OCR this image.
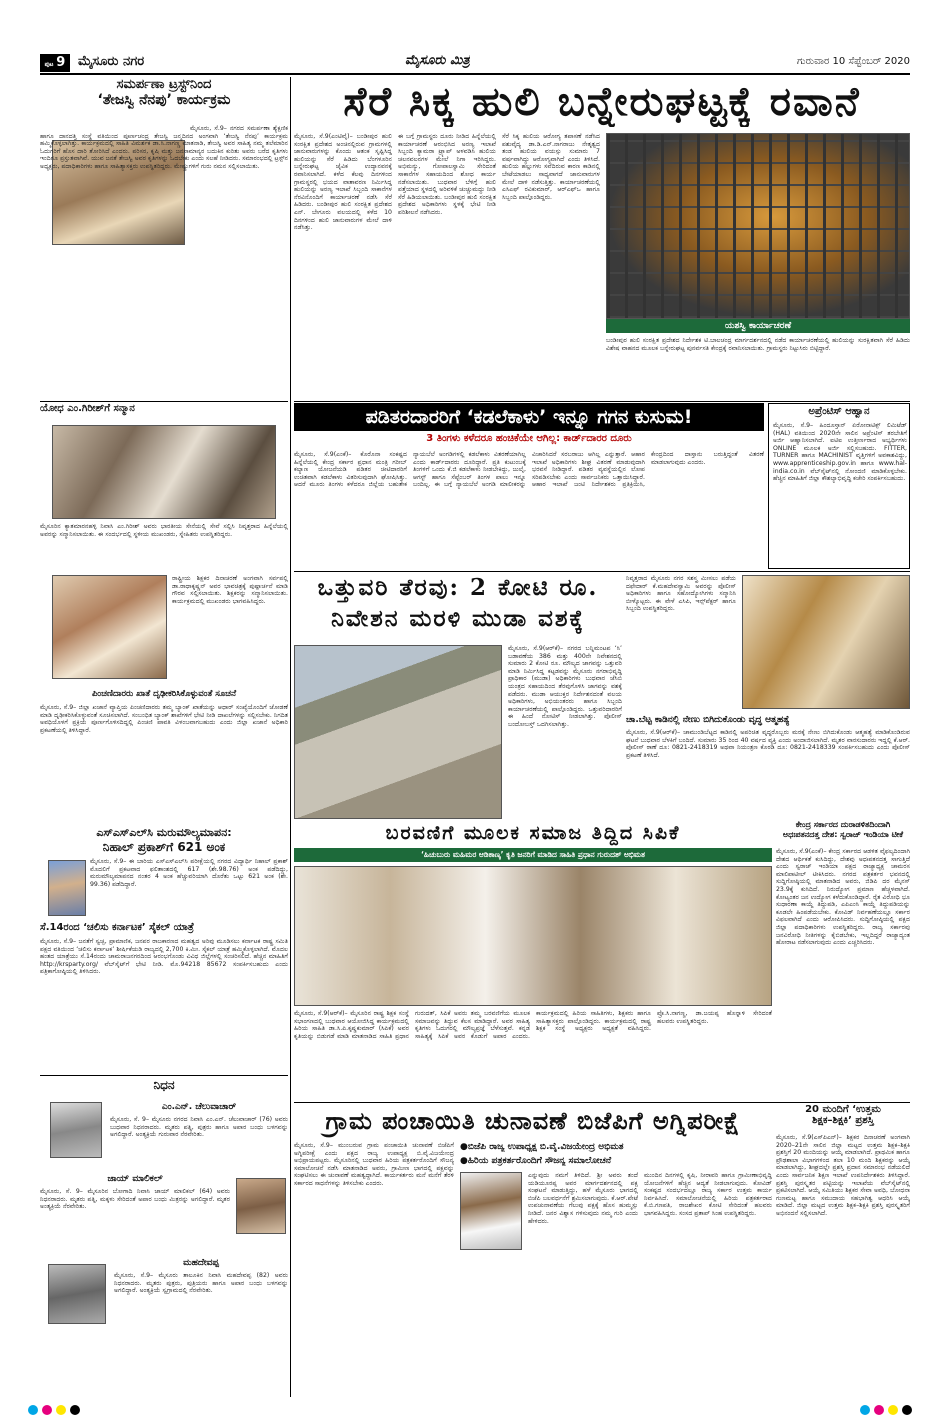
ಪುಟ 9 ಮೈಸೂರು ನಗರ	ಮೈಸೂರು ಮಿತ್ರ	ಗುರುವಾರ 10 ಸೆಪ್ಟೆಂಬರ್ 2020
ಸಮರ್ಪಣಾ ಟ್ರಸ್ಟ್‌ನಿಂದ
‘ತೇಜಸ್ವಿ ನೆನಪು’ ಕಾರ್ಯಕ್ರಮ
ಮೈಸೂರು, ಸೆ.9– ನಗರದ ಸಮರ್ಪಣಾ ಶ್ಯೆಕ್ಷಣಿಕ ಹಾಗೂ ದಾನದತ್ತಿ ಸಂಸ್ಥೆ ವತಿಯಿಂದ ಪೂರ್ಣಚಂದ್ರ ತೇಜಸ್ವಿ ಜನ್ಮದಿನದ ಅಂಗವಾಗಿ ‘ತೇಜಸ್ವಿ ನೆನಪು’ ಕಾರ್ಯಕ್ರಮ ಹಮ್ಮಿಕೊಳ್ಳಲಾಗಿತ್ತು. ಕಾರ್ಯಕ್ರಮದಲ್ಲಿ ಸಾಹಿತಿ ವಿಮರ್ಶಕ ಡಾ.ಸಿ.ನಾಗಣ್ಣ ಮಾತನಾಡಿ, ತೇಜಸ್ವಿ ಅವರ ಸಾಹಿತ್ಯ ನಮ್ಮ ತಲೆಮಾರಿನ ಓದುಗರಿಗೆ ಹೊಸ ದಾರಿ ತೋರಿಸಿದೆ ಎಂದರು. ಪರಿಸರ, ಕೃಷಿ ಮತ್ತು ಜನಸಾಮಾನ್ಯರ ಬದುಕಿನ ಕುರಿತು ಅವರು ಬರೆದ ಕೃತಿಗಳು ಇಂದಿಗೂ ಪ್ರಸ್ತುತವಾಗಿವೆ. ಯುವ ಜನತೆ ತೇಜಸ್ವಿ ಅವರ ಕೃತಿಗಳನ್ನು ಓದಬೇಕು ಎಂದು ಸಲಹೆ ನೀಡಿದರು. ಸಮಾರಂಭದಲ್ಲಿ ಟ್ರಸ್ಟ್‌ನ ಅಧ್ಯಕ್ಷರು, ಪದಾಧಿಕಾರಿಗಳು ಹಾಗೂ ಸಾಹಿತ್ಯಾಸಕ್ತರು ಉಪಸ್ಥಿತರಿದ್ದರು. ಮೇಷ್ಟ್ರುಗಳಿಗೆ ಗುರು ನಮನ ಸಲ್ಲಿಸಲಾಯಿತು.
ಯೋಧ ಎಂ.ಗಿರೀಶ್‌ಗೆ ಸನ್ಮಾನ
ಮೈಸೂರಿನ ಕ್ಯಾತಮಾರನಹಳ್ಳಿ ನಿವಾಸಿ ಎಂ.ಗಿರೀಶ್ ಅವರು ಭಾರತೀಯ ಸೇನೆಯಲ್ಲಿ ಸೇವೆ ಸಲ್ಲಿಸಿ ನಿವೃತ್ತರಾದ ಹಿನ್ನೆಲೆಯಲ್ಲಿ ಅವರನ್ನು ಸನ್ಮಾನಿಸಲಾಯಿತು. ಈ ಸಂದರ್ಭದಲ್ಲಿ ಸ್ಥಳೀಯ ಮುಖಂಡರು, ಸ್ನೇಹಿತರು ಉಪಸ್ಥಿತರಿದ್ದರು.
ರಾಷ್ಟ್ರೀಯ ಶಿಕ್ಷಕರ ದಿನಾಚರಣೆ ಅಂಗವಾಗಿ ಸರ್ವಪಲ್ಲಿ ಡಾ.ರಾಧಾಕೃಷ್ಣನ್ ಅವರ ಭಾವಚಿತ್ರಕ್ಕೆ ಪುಷ್ಪಾರ್ಚನೆ ಮಾಡಿ ಗೌರವ ಸಲ್ಲಿಸಲಾಯಿತು. ಶಿಕ್ಷಕರನ್ನು ಸನ್ಮಾನಿಸಲಾಯಿತು. ಕಾರ್ಯಕ್ರಮದಲ್ಲಿ ಮುಖಂಡರು ಭಾಗವಹಿಸಿದ್ದರು.
ಪಿಂಚಣಿದಾರರು ಖಾತೆ ದೃಢೀಕರಿಸಿಕೊಳ್ಳುವಂತೆ ಸೂಚನೆ
ಮೈಸೂರು, ಸೆ.9– ಜಿಲ್ಲಾ ಖಜಾನೆ ವ್ಯಾಪ್ತಿಯ ಪಿಂಚಣಿದಾರರು ತಮ್ಮ ಬ್ಯಾಂಕ್ ಖಾತೆಯನ್ನು ಆಧಾರ್ ಸಂಖ್ಯೆಯೊಂದಿಗೆ ಜೋಡಣೆ ಮಾಡಿ ದೃಢೀಕರಿಸಿಕೊಳ್ಳುವಂತೆ ಸೂಚಿಸಲಾಗಿದೆ. ಸಂಬಂಧಿತ ಬ್ಯಾಂಕ್ ಶಾಖೆಗಳಿಗೆ ಭೇಟಿ ನೀಡಿ ದಾಖಲೆಗಳನ್ನು ಸಲ್ಲಿಸಬೇಕು. ನಿಗದಿತ ಅವಧಿಯೊಳಗೆ ಪ್ರಕ್ರಿಯೆ ಪೂರ್ಣಗೊಳಿಸದಿದ್ದಲ್ಲಿ ಪಿಂಚಣಿ ಪಾವತಿ ವಿಳಂಬವಾಗಬಹುದು ಎಂದು ಜಿಲ್ಲಾ ಖಜಾನೆ ಅಧಿಕಾರಿ ಪ್ರಕಟಣೆಯಲ್ಲಿ ತಿಳಿಸಿದ್ದಾರೆ.
ಎಸ್‌ಎಸ್‌ಎಲ್‌ಸಿ ಮರುಮೌಲ್ಯಮಾಪನ:
ನಿಹಾಲ್ ಪ್ರಕಾಶ್‌ಗೆ 621 ಅಂಕ
ಮೈಸೂರು, ಸೆ.9– ಈ ಬಾರಿಯ ಎಸ್‌ಎಸ್‌ಎಲ್‌ಸಿ ಪರೀಕ್ಷೆಯಲ್ಲಿ ನಗರದ ವಿದ್ಯಾರ್ಥಿ ನಿಹಾಲ್ ಪ್ರಕಾಶ್ ಮೊದಲಿಗೆ ಪ್ರಕಟವಾದ ಫಲಿತಾಂಶದಲ್ಲಿ 617 (ಶೇ.98.76) ಅಂಕ ಪಡೆದಿದ್ದು, ಮರುಮೌಲ್ಯಮಾಪನದ ನಂತರ 4 ಅಂಕ ಹೆಚ್ಚುವರಿಯಾಗಿ ದೊರೆತು ಒಟ್ಟು 621 ಅಂಕ (ಶೇ. 99.36) ಪಡೆದಿದ್ದಾರೆ.
ಸೆ.14ರಂದ ‘ಚಲಿಸು ಕರ್ನಾಟಕ’ ಸೈಕಲ್ ಯಾತ್ರೆ
ಮೈಸೂರು, ಸೆ.9– ಜನತೆಗೆ ಸ್ವಚ್ಛ, ಪ್ರಾಮಾಣಿಕ, ಜನಪರ ರಾಜಕಾರಣದ ಮಹತ್ವದ ಅರಿವು ಮೂಡಿಸಲು ಕರ್ನಾಟಕ ರಾಷ್ಟ್ರ ಸಮಿತಿ ಪಕ್ಷದ ವತಿಯಿಂದ ‘ಚಲಿಸು ಕರ್ನಾಟಕ’ ಶೀರ್ಷಿಕೆಯಡಿ ರಾಜ್ಯದಲ್ಲಿ 2,700 ಕಿ.ಮೀ. ಸೈಕಲ್ ಯಾತ್ರೆ ಹಮ್ಮಿಕೊಳ್ಳಲಾಗಿದೆ. ಮೊದಲ ಹಂತದ ಯಾತ್ರೆಯು ಸೆ.14ರಂದು ಚಾಮರಾಜನಗರದಿಂದ ಆರಂಭಗೊಂಡು ವಿವಿಧ ಜಿಲ್ಲೆಗಳಲ್ಲಿ ಸಂಚರಿಸಲಿದೆ. ಹೆಚ್ಚಿನ ಮಾಹಿತಿಗೆ http://krsparty.org/ ವೆಬ್‌ಸೈಟ್‌ಗೆ ಭೇಟಿ ನೀಡಿ. ಮೊ.94218 85672 ಸಂಪರ್ಕಿಸಬಹುದು ಎಂದು ಪತ್ರಿಕಾಗೋಷ್ಠಿಯಲ್ಲಿ ತಿಳಿಸಿದರು.
ನಿಧನ
ಎಂ.ಎನ್. ಚೆಲುವಾಚಾರ್
ಮೈಸೂರು, ಸೆ. 9– ಮೈಸೂರು ನಗರದ ನಿವಾಸಿ ಎಂ.ಎನ್. ಚೆಲುವಾಚಾರ್ (76) ಅವರು ಬುಧವಾರ ನಿಧನರಾದರು. ಮೃತರು ಪತ್ನಿ, ಪುತ್ರರು ಹಾಗೂ ಅಪಾರ ಬಂಧು ಬಳಗವನ್ನು ಅಗಲಿದ್ದಾರೆ. ಅಂತ್ಯಕ್ರಿಯೆ ಗುರುವಾರ ನೆರವೇರಿತು.
ಜಾಯ್ ಮಾಲಿಕಲ್
ಮೈಸೂರು, ಸೆ. 9– ಮೈಸೂರಿನ ಬೋಗಾದಿ ನಿವಾಸಿ ಜಾಯ್ ಮಾಲಿಕಲ್ (64) ಅವರು ನಿಧನರಾದರು. ಮೃತರು ಪತ್ನಿ, ಮಕ್ಕಳು ಸೇರಿದಂತೆ ಅಪಾರ ಬಂಧು ಮಿತ್ರರನ್ನು ಅಗಲಿದ್ದಾರೆ. ಮೃತರ ಅಂತ್ಯಕ್ರಿಯೆ ನೆರವೇರಿತು.
ಮಹದೇವಪ್ಪ
ಮೈಸೂರು, ಸೆ.9– ಮೈಸೂರು ತಾಲೂಕಿನ ನಿವಾಸಿ ಮಹದೇವಪ್ಪ (82) ಅವರು ನಿಧನರಾದರು. ಮೃತರು ಪುತ್ರರು, ಪುತ್ರಿಯರು ಹಾಗೂ ಅಪಾರ ಬಂಧು ಬಳಗವನ್ನು ಅಗಲಿದ್ದಾರೆ. ಅಂತ್ಯಕ್ರಿಯೆ ಸ್ವಗ್ರಾಮದಲ್ಲಿ ನೆರವೇರಿತು.
ಸೆರೆ ಸಿಕ್ಕ ಹುಲಿ ಬನ್ನೇರುಘಟ್ಟಕ್ಕೆ ರವಾನೆ
ಮೈಸೂರು, ಸೆ.9(ಎಂಟಿವೈ)– ಬಂಡೀಪುರ ಹುಲಿ ಸಂರಕ್ಷಿತ ಪ್ರದೇಶದ ಅಂಚಿನಲ್ಲಿರುವ ಗ್ರಾಮಗಳಲ್ಲಿ ಜಾನುವಾರುಗಳನ್ನು ಕೊಂದು ಆತಂಕ ಸೃಷ್ಟಿಸಿದ್ದ ಹುಲಿಯನ್ನು ಸೆರೆ ಹಿಡಿದು ಬೆಂಗಳೂರಿನ ಬನ್ನೇರುಘಟ್ಟ ಜೈವಿಕ ಉದ್ಯಾನವನಕ್ಕೆ ರವಾನಿಸಲಾಗಿದೆ. ಕಳೆದ ಕೆಲವು ದಿನಗಳಿಂದ ಗ್ರಾಮಸ್ಥರಲ್ಲಿ ಭಯದ ವಾತಾವರಣ ನಿರ್ಮಿಸಿದ್ದ ಹುಲಿಯನ್ನು ಅರಣ್ಯ ಇಲಾಖೆ ಸಿಬ್ಬಂದಿ ಸಾಕಾನೆಗಳ ನೆರವಿನೊಂದಿಗೆ ಕಾರ್ಯಾಚರಣೆ ನಡೆಸಿ ಸೆರೆ ಹಿಡಿದರು. ಬಂಡೀಪುರ ಹುಲಿ ಸಂರಕ್ಷಿತ ಪ್ರದೇಶದ ಎನ್. ಬೇಗೂರು ವಲಯದಲ್ಲಿ ಕಳೆದ 10 ದಿನಗಳಿಂದ ಹುಲಿ ಜಾನುವಾರುಗಳ ಮೇಲೆ ದಾಳಿ ನಡೆಸಿತ್ತು.
ಈ ಬಗ್ಗೆ ಗ್ರಾಮಸ್ಥರು ದೂರು ನೀಡಿದ ಹಿನ್ನೆಲೆಯಲ್ಲಿ ಕಾರ್ಯಾಚರಣೆ ಆರಂಭಿಸಿದ ಅರಣ್ಯ ಇಲಾಖೆ ಸಿಬ್ಬಂದಿ ಕ್ಯಾಮರಾ ಟ್ರ್ಯಾಪ್ ಅಳವಡಿಸಿ ಹುಲಿಯ ಚಲನವಲನಗಳ ಮೇಲೆ ನಿಗಾ ಇರಿಸಿದ್ದರು. ಅಭಿಮನ್ಯು, ಗೋಪಾಲಸ್ವಾಮಿ ಸೇರಿದಂತೆ ಸಾಕಾನೆಗಳ ಸಹಾಯದಿಂದ ಶೋಧ ಕಾರ್ಯ ನಡೆಸಲಾಯಿತು. ಬುಧವಾರ ಬೆಳಿಗ್ಗೆ ಹುಲಿ ಪತ್ತೆಯಾದ ಸ್ಥಳದಲ್ಲಿ ಅರಿವಳಿಕೆ ಚುಚ್ಚುಮದ್ದು ನೀಡಿ ಸೆರೆ ಹಿಡಿಯಲಾಯಿತು. ಬಂಡೀಪುರ ಹುಲಿ ಸಂರಕ್ಷಿತ ಪ್ರದೇಶದ ಅಧಿಕಾರಿಗಳು ಸ್ಥಳಕ್ಕೆ ಭೇಟಿ ನೀಡಿ ಪರಿಶೀಲನೆ ನಡೆಸಿದರು.
ಸೆರೆ ಸಿಕ್ಕ ಹುಲಿಯ ಆರೋಗ್ಯ ತಪಾಸಣೆ ನಡೆಸಿದ ಪಶುವೈದ್ಯ ಡಾ.ಡಿ.ಎನ್.ನಾಗರಾಜು ನೇತೃತ್ವದ ತಂಡ ಹುಲಿಯ ವಯಸ್ಸು ಸುಮಾರು 7 ವರ್ಷವಾಗಿದ್ದು ಆರೋಗ್ಯವಾಗಿದೆ ಎಂದು ತಿಳಿಸಿದೆ. ಹುಲಿಯ ಹಲ್ಲುಗಳು ಸವೆದಿರುವ ಕಾರಣ ಕಾಡಿನಲ್ಲಿ ಬೇಟೆಯಾಡಲು ಸಾಧ್ಯವಾಗದೆ ಜಾನುವಾರುಗಳ ಮೇಲೆ ದಾಳಿ ನಡೆಸುತ್ತಿತ್ತು. ಕಾರ್ಯಾಚರಣೆಯಲ್ಲಿ ಎಸಿಎಫ್ ರವಿಕುಮಾರ್, ಆರ್‌ಎಫ್‌ಒ ಹಾಗೂ ಸಿಬ್ಬಂದಿ ಪಾಲ್ಗೊಂಡಿದ್ದರು.
ಯಶಸ್ವಿ ಕಾರ್ಯಾಚರಣೆ
ಬಂಡೀಪುರ ಹುಲಿ ಸಂರಕ್ಷಿತ ಪ್ರದೇಶದ ನಿರ್ದೇಶಕ ಟಿ.ಬಾಲಚಂದ್ರ ಮಾರ್ಗದರ್ಶನದಲ್ಲಿ ನಡೆದ ಕಾರ್ಯಾಚರಣೆಯಲ್ಲಿ ಹುಲಿಯನ್ನು ಸುರಕ್ಷಿತವಾಗಿ ಸೆರೆ ಹಿಡಿದು ವಿಶೇಷ ವಾಹನದ ಮೂಲಕ ಬನ್ನೇರುಘಟ್ಟ ಪುನರ್ವಸತಿ ಕೇಂದ್ರಕ್ಕೆ ರವಾನಿಸಲಾಯಿತು. ಗ್ರಾಮಸ್ಥರು ನಿಟ್ಟುಸಿರು ಬಿಟ್ಟಿದ್ದಾರೆ.
ಪಡಿತರದಾರರಿಗೆ ‘ಕಡಲೆಕಾಳು’ ಇನ್ನೂ ಗಗನ ಕುಸುಮ!
3 ತಿಂಗಳು ಕಳೆದರೂ ಹಂಚಿಕೆಯೇ ಆಗಿಲ್ಲ: ಕಾರ್ಡ್‌ದಾರರ ದೂರು
ಮೈಸೂರು, ಸೆ.9(ಎಂಕೆ)– ಕೊರೊನಾ ಸಂಕಷ್ಟದ ಹಿನ್ನೆಲೆಯಲ್ಲಿ ಕೇಂದ್ರ ಸರ್ಕಾರ ಪ್ರಧಾನ ಮಂತ್ರಿ ಗರೀಬ್ ಕಲ್ಯಾಣ ಯೋಜನೆಯಡಿ ಪಡಿತರ ಚೀಟಿದಾರರಿಗೆ ಉಚಿತವಾಗಿ ಕಡಲೆಕಾಳು ವಿತರಿಸುವುದಾಗಿ ಘೋಷಿಸಿತ್ತು. ಆದರೆ ಮೂರು ತಿಂಗಳು ಕಳೆದರೂ ಜಿಲ್ಲೆಯ ಬಹುತೇಕ ನ್ಯಾಯಬೆಲೆ ಅಂಗಡಿಗಳಲ್ಲಿ ಕಡಲೆಕಾಳು ವಿತರಣೆಯಾಗಿಲ್ಲ ಎಂದು ಕಾರ್ಡ್‌ದಾರರು ದೂರಿದ್ದಾರೆ. ಪ್ರತಿ ಕುಟುಂಬಕ್ಕೆ ತಿಂಗಳಿಗೆ ಒಂದು ಕೆ.ಜಿ ಕಡಲೆಕಾಳು ನೀಡಬೇಕಿದ್ದು, ಜುಲೈ, ಆಗಸ್ಟ್ ಹಾಗೂ ಸೆಪ್ಟೆಂಬರ್ ತಿಂಗಳ ಪಾಲು ಇನ್ನೂ ಬಂದಿಲ್ಲ. ಈ ಬಗ್ಗೆ ನ್ಯಾಯಬೆಲೆ ಅಂಗಡಿ ಮಾಲೀಕರನ್ನು ವಿಚಾರಿಸಿದರೆ ಸರಬರಾಜು ಆಗಿಲ್ಲ ಎನ್ನುತ್ತಾರೆ. ಆಹಾರ ಇಲಾಖೆ ಅಧಿಕಾರಿಗಳು ಶೀಘ್ರ ವಿತರಣೆ ಮಾಡುವುದಾಗಿ ಭರವಸೆ ನೀಡಿದ್ದಾರೆ. ಪಡಿತರ ವ್ಯವಸ್ಥೆಯಲ್ಲಿನ ಲೋಪ ಸರಿಪಡಿಸಬೇಕು ಎಂದು ಸಾರ್ವಜನಿಕರು ಒತ್ತಾಯಿಸಿದ್ದಾರೆ. ಆಹಾರ ಇಲಾಖೆ ಜಂಟಿ ನಿರ್ದೇಶಕರು ಪ್ರತಿಕ್ರಿಯಿಸಿ, ಕೇಂದ್ರದಿಂದ ದಾಸ್ತಾನು ಬರುತ್ತಿದ್ದಂತೆ ವಿತರಣೆ ಮಾಡಲಾಗುವುದು ಎಂದರು.
ಅಪ್ರೆಂಟಿಸ್ ಆಹ್ವಾನ
ಮೈಸೂರು, ಸೆ.9– ಹಿಂದೂಸ್ತಾನ್ ಏರೋನಾಟಿಕ್ಸ್ ಲಿಮಿಟೆಡ್ (HAL) ವತಿಯಿಂದ 2020ನೇ ಸಾಲಿನ ಅಪ್ರೆಂಟಿಸ್ ತರಬೇತಿಗೆ ಅರ್ಜಿ ಆಹ್ವಾನಿಸಲಾಗಿದೆ. ಐಟಿಐ ಉತ್ತೀರ್ಣರಾದ ಅಭ್ಯರ್ಥಿಗಳು ONLINE ಮೂಲಕ ಅರ್ಜಿ ಸಲ್ಲಿಸಬಹುದು. FITTER, TURNER ಹಾಗೂ MACHINIST ವೃತ್ತಿಗಳಿಗೆ ಅವಕಾಶವಿದ್ದು, www.apprenticeship.gov.in ಹಾಗೂ www.hal-india.co.in ವೆಬ್‌ಸೈಟ್‌ನಲ್ಲಿ ನೋಂದಣಿ ಮಾಡಿಕೊಳ್ಳಬೇಕು. ಹೆಚ್ಚಿನ ಮಾಹಿತಿಗೆ ಜಿಲ್ಲಾ ಕೌಶಲ್ಯಾಭಿವೃದ್ಧಿ ಕಚೇರಿ ಸಂಪರ್ಕಿಸಬಹುದು.
ಒತ್ತುವರಿ ತೆರವು: 2 ಕೋಟಿ ರೂ.
ನಿವೇಶನ ಮರಳಿ ಮುಡಾ ವಶಕ್ಕೆ
ಮೈಸೂರು, ಸೆ.9(ಆರ್‌ಕೆ)– ನಗರದ ಬನ್ನಿಮಂಟಪ ‘ಸಿ’ ಬಡಾವಣೆಯ 386 ಮತ್ತು 400ನೇ ನಿವೇಶನದಲ್ಲಿ ಸುಮಾರು 2 ಕೋಟಿ ರೂ. ಮೌಲ್ಯದ ಜಾಗವನ್ನು ಒತ್ತುವರಿ ಮಾಡಿ ನಿರ್ಮಿಸಿದ್ದ ಕಟ್ಟಡವನ್ನು ಮೈಸೂರು ನಗರಾಭಿವೃದ್ಧಿ ಪ್ರಾಧಿಕಾರ (ಮುಡಾ) ಅಧಿಕಾರಿಗಳು ಬುಧವಾರ ಜೆಸಿಬಿ ಯಂತ್ರದ ಸಹಾಯದಿಂದ ತೆರವುಗೊಳಿಸಿ ಜಾಗವನ್ನು ವಶಕ್ಕೆ ಪಡೆದರು. ಮುಡಾ ಆಯುಕ್ತರ ನಿರ್ದೇಶನದಂತೆ ವಲಯ ಅಧಿಕಾರಿಗಳು, ಅಭಿಯಂತರರು ಹಾಗೂ ಸಿಬ್ಬಂದಿ ಕಾರ್ಯಾಚರಣೆಯಲ್ಲಿ ಪಾಲ್ಗೊಂಡಿದ್ದರು. ಒತ್ತುವರಿದಾರರಿಗೆ ಈ ಹಿಂದೆ ನೋಟಿಸ್ ನೀಡಲಾಗಿತ್ತು. ಪೊಲೀಸ್ ಬಂದೋಬಸ್ತ್ ಒದಗಿಸಲಾಗಿತ್ತು.
ನಿವೃತ್ತರಾದ ಮೈಸೂರು ನಗರ ಸಶಸ್ತ್ರ ಮೀಸಲು ಪಡೆಯ ದಫೇದಾರ್ ಕೆ.ಮಹದೇವಸ್ವಾಮಿ ಅವರನ್ನು ಪೊಲೀಸ್ ಅಧಿಕಾರಿಗಳು ಹಾಗೂ ಸಹೋದ್ಯೋಗಿಗಳು ಸನ್ಮಾನಿಸಿ ಬೀಳ್ಕೊಟ್ಟರು. ಈ ವೇಳೆ ಎಸಿಪಿ, ಇನ್ಸ್‌ಪೆಕ್ಟರ್ ಹಾಗೂ ಸಿಬ್ಬಂದಿ ಉಪಸ್ಥಿತರಿದ್ದರು.
ಚಾ.ಬೆಟ್ಟ ಕಾಡಿನಲ್ಲಿ ನೇಣು ಬಿಗಿದುಕೊಂಡು ವೃದ್ಧ ಆತ್ಮಹತ್ಯೆ
ಮೈಸೂರು, ಸೆ.9(ಆರ್‌ಕೆ)– ಚಾಮುಂಡಿಬೆಟ್ಟದ ಕಾಡಿನಲ್ಲಿ ಅಪರಿಚಿತ ವೃದ್ಧರೊಬ್ಬರು ಮರಕ್ಕೆ ನೇಣು ಬಿಗಿದುಕೊಂಡು ಆತ್ಮಹತ್ಯೆ ಮಾಡಿಕೊಂಡಿರುವ ಘಟನೆ ಬುಧವಾರ ಬೆಳಕಿಗೆ ಬಂದಿದೆ. ಸುಮಾರು 35 ರಿಂದ 40 ವರ್ಷದ ವ್ಯಕ್ತಿ ಎಂದು ಅಂದಾಜಿಸಲಾಗಿದೆ. ಮೃತರ ವಾರಸುದಾರರು ಇದ್ದಲ್ಲಿ ಕೆ.ಆರ್. ಪೊಲೀಸ್ ಠಾಣೆ ದೂ: 0821-2418319 ಅಥವಾ ನಿಯಂತ್ರಣ ಕೊಠಡಿ ದೂ: 0821-2418339 ಸಂಪರ್ಕಿಸಬಹುದು ಎಂದು ಪೊಲೀಸ್ ಪ್ರಕಟಣೆ ತಿಳಿಸಿದೆ.
ಬರವಣಿಗೆ ಮೂಲಕ ಸಮಾಜ ತಿದ್ದಿದ ಸಿಪಿಕೆ
‘ಹಿಚುಬುರು ಮಹಿಮರ ಆಡಿಕಾಣ್ಕ’ ಕೃತಿ ಜನರಿಗೆ ಮಾಡಿದ ಸಾಹಿತಿ ಪ್ರಧಾನ ಗುರುದತ್ ಅಭಿಮತ
ಮೈಸೂರು, ಸೆ.9(ಆರ್‌ಕೆ)– ಮೈಸೂರಿನ ರಾಷ್ಟ್ರ ಶಿಕ್ಷಕ ಸಂಸ್ಥೆ ಸಭಾಂಗಣದಲ್ಲಿ ಬುಧವಾರ ಆಯೋಜಿಸಿದ್ದ ಕಾರ್ಯಕ್ರಮದಲ್ಲಿ ಹಿರಿಯ ಸಾಹಿತಿ ಡಾ.ಸಿ.ಪಿ.ಕೃಷ್ಣಕುಮಾರ್ (ಸಿಪಿಕೆ) ಅವರ ಕೃತಿಯನ್ನು ಬಿಡುಗಡೆ ಮಾಡಿ ಮಾತನಾಡಿದ ಸಾಹಿತಿ ಪ್ರಧಾನ ಗುರುದತ್, ಸಿಪಿಕೆ ಅವರು ತಮ್ಮ ಬರವಣಿಗೆಯ ಮೂಲಕ ಸಮಾಜವನ್ನು ತಿದ್ದುವ ಕೆಲಸ ಮಾಡಿದ್ದಾರೆ. ಅವರ ಸಾಹಿತ್ಯ ಕೃತಿಗಳು ಓದುಗರಲ್ಲಿ ಮೌಲ್ಯಪ್ರಜ್ಞೆ ಬೆಳೆಸುತ್ತವೆ. ಕನ್ನಡ ಸಾಹಿತ್ಯಕ್ಕೆ ಸಿಪಿಕೆ ಅವರ ಕೊಡುಗೆ ಅಪಾರ ಎಂದರು. ಕಾರ್ಯಕ್ರಮದಲ್ಲಿ ಹಿರಿಯ ಸಾಹಿತಿಗಳು, ಶಿಕ್ಷಕರು ಹಾಗೂ ಸಾಹಿತ್ಯಾಸಕ್ತರು ಪಾಲ್ಗೊಂಡಿದ್ದರು. ಕಾರ್ಯಕ್ರಮದಲ್ಲಿ ರಾಷ್ಟ್ರ ಶಿಕ್ಷಕ ಸಂಸ್ಥೆ ಅಧ್ಯಕ್ಷರು ಅಧ್ಯಕ್ಷತೆ ವಹಿಸಿದ್ದರು. ಪ್ರೊ.ಸಿ.ನಾಗಣ್ಣ, ಡಾ.ಜಯಪ್ಪ ಹೊನ್ನಾಳಿ ಸೇರಿದಂತೆ ಹಲವರು ಉಪಸ್ಥಿತರಿದ್ದರು.
ಕೇಂದ್ರ ಸರ್ಕಾರದ ದುರಾಡಳಿತದಿಂದಾಗಿ
ಅಧಃಪತನದತ್ತ ದೇಶ: ಸ್ವರಾಜ್ ಇಂಡಿಯಾ ಟೀಕೆ
ಮೈಸೂರು, ಸೆ.9(ಎಂಕೆ)– ಕೇಂದ್ರ ಸರ್ಕಾರದ ಆಡಳಿತ ವೈಫಲ್ಯದಿಂದಾಗಿ ದೇಶದ ಆರ್ಥಿಕತೆ ಕುಸಿದಿದ್ದು, ದೇಶವು ಅಧಃಪತನದತ್ತ ಸಾಗುತ್ತಿದೆ ಎಂದು ಸ್ವರಾಜ್ ಇಂಡಿಯಾ ಪಕ್ಷದ ರಾಜ್ಯಾಧ್ಯಕ್ಷ ಚಾಮರಸ ಮಾಲಿಪಾಟೀಲ್ ಟೀಕಿಸಿದರು. ನಗರದ ಪತ್ರಕರ್ತರ ಭವನದಲ್ಲಿ ಸುದ್ದಿಗೋಷ್ಠಿಯಲ್ಲಿ ಮಾತನಾಡಿದ ಅವರು, ಜಿಡಿಪಿ ದರ ಮೈನಸ್ 23.9ಕ್ಕೆ ಕುಸಿದಿದೆ. ನಿರುದ್ಯೋಗ ಪ್ರಮಾಣ ಹೆಚ್ಚಳವಾಗಿದೆ. ಕೋಟ್ಯಂತರ ಜನ ಉದ್ಯೋಗ ಕಳೆದುಕೊಂಡಿದ್ದಾರೆ. ರೈತ ವಿರೋಧಿ ಭೂ ಸುಧಾರಣಾ ಕಾಯ್ದೆ ತಿದ್ದುಪಡಿ, ಎಪಿಎಂಸಿ ಕಾಯ್ದೆ ತಿದ್ದುಪಡಿಯನ್ನು ಕೂಡಲೇ ಹಿಂಪಡೆಯಬೇಕು. ಕೋವಿಡ್ ನಿರ್ವಹಣೆಯಲ್ಲೂ ಸರ್ಕಾರ ವಿಫಲವಾಗಿದೆ ಎಂದು ಆರೋಪಿಸಿದರು. ಸುದ್ದಿಗೋಷ್ಠಿಯಲ್ಲಿ ಪಕ್ಷದ ಜಿಲ್ಲಾ ಪದಾಧಿಕಾರಿಗಳು ಉಪಸ್ಥಿತರಿದ್ದರು. ರಾಜ್ಯ ಸರ್ಕಾರವು ಜನವಿರೋಧಿ ನೀತಿಗಳನ್ನು ಕೈಬಿಡಬೇಕು, ಇಲ್ಲದಿದ್ದರೆ ರಾಜ್ಯಾದ್ಯಂತ ಹೋರಾಟ ನಡೆಸಲಾಗುವುದು ಎಂದು ಎಚ್ಚರಿಸಿದರು.
ಗ್ರಾಮ ಪಂಚಾಯಿತಿ ಚುನಾವಣೆ ಬಿಜೆಪಿಗೆ ಅಗ್ನಿಪರೀಕ್ಷೆ
ಮೈಸೂರು, ಸೆ.9– ಮುಂಬರುವ ಗ್ರಾಮ ಪಂಚಾಯಿತಿ ಚುನಾವಣೆ ಬಿಜೆಪಿಗೆ ಅಗ್ನಿಪರೀಕ್ಷೆ ಎಂದು ಪಕ್ಷದ ರಾಜ್ಯ ಉಪಾಧ್ಯಕ್ಷ ಬಿ.ವೈ.ವಿಜಯೇಂದ್ರ ಅಭಿಪ್ರಾಯಪಟ್ಟರು. ಮೈಸೂರಿನಲ್ಲಿ ಬುಧವಾರ ಹಿರಿಯ ಪತ್ರಕರ್ತರೊಂದಿಗೆ ಸೌಜನ್ಯ ಸಮಾಲೋಚನೆ ನಡೆಸಿ ಮಾತನಾಡಿದ ಅವರು, ಗ್ರಾಮೀಣ ಭಾಗದಲ್ಲಿ ಪಕ್ಷವನ್ನು ಸಂಘಟಿಸಲು ಈ ಚುನಾವಣೆ ಮಹತ್ವದ್ದಾಗಿದೆ. ಕಾರ್ಯಕರ್ತರು ಮನೆ ಮನೆಗೆ ತೆರಳಿ ಸರ್ಕಾರದ ಸಾಧನೆಗಳನ್ನು ತಿಳಿಸಬೇಕು ಎಂದರು.
●ಬಿಜೆಪಿ ರಾಜ್ಯ ಉಪಾಧ್ಯಕ್ಷ ಬಿ.ವೈ.ವಿಜಯೇಂದ್ರ ಅಭಿಮತ
●ಹಿರಿಯ ಪತ್ರಕರ್ತರೊಂದಿಗೆ ಸೌಜನ್ಯ ಸಮಾಲೋಚನೆ
ಎನ್ನುವುದು ನಮಗೆ ತಿಳಿದಿದೆ. ಶ್ರೀ ಅವರು ತಂದೆ ಯಡಿಯೂರಪ್ಪ ಅವರ ಮಾರ್ಗದರ್ಶನದಲ್ಲಿ ಪಕ್ಷ ಸಂಘಟನೆ ಮಾಡುತ್ತಿದ್ದು, ಹಳೆ ಮೈಸೂರು ಭಾಗದಲ್ಲಿ ಬಿಜೆಪಿ ಬಲವರ್ಧನೆಗೆ ಶ್ರಮಿಸಲಾಗುವುದು. ಕೆ.ಆರ್.ಪೇಟೆ ಉಪಚುನಾವಣೆಯ ಗೆಲುವು ಪಕ್ಷಕ್ಕೆ ಹೊಸ ಹುಮ್ಮಸ್ಸು ನೀಡಿದೆ. ಜನರ ವಿಶ್ವಾಸ ಗಳಿಸುವುದು ನಮ್ಮ ಗುರಿ ಎಂದು ಹೇಳಿದರು.
ಮುಂದಿನ ದಿನಗಳಲ್ಲಿ ಕೃಷಿ, ನೀರಾವರಿ ಹಾಗೂ ಗ್ರಾಮೀಣಾಭಿವೃದ್ಧಿ ಯೋಜನೆಗಳಿಗೆ ಹೆಚ್ಚಿನ ಆದ್ಯತೆ ನೀಡಲಾಗುವುದು. ಕೋವಿಡ್ ಸಂಕಷ್ಟದ ಸಂದರ್ಭದಲ್ಲೂ ರಾಜ್ಯ ಸರ್ಕಾರ ಉತ್ತಮ ಕಾರ್ಯ ನಿರ್ವಹಿಸಿದೆ. ಸಮಾಲೋಚನೆಯಲ್ಲಿ ಹಿರಿಯ ಪತ್ರಕರ್ತರಾದ ಕೆ.ಬಿ.ಗಣಪತಿ, ರಾಜಶೇಖರ ಕೋಟಿ ಸೇರಿದಂತೆ ಹಲವರು ಭಾಗವಹಿಸಿದ್ದರು. ಸಂಸದ ಪ್ರತಾಪ್ ಸಿಂಹ ಉಪಸ್ಥಿತರಿದ್ದರು.
20 ಮಂದಿಗೆ ‘ಉತ್ತಮ
ಶಿಕ್ಷಕ–ಶಿಕ್ಷಕಿ’ ಪ್ರಶಸ್ತಿ
ಮೈಸೂರು, ಸೆ.9(ಎಸ್‌ಪಿಎನ್)– ಶಿಕ್ಷಕರ ದಿನಾಚರಣೆ ಅಂಗವಾಗಿ 2020–21ನೇ ಸಾಲಿನ ಜಿಲ್ಲಾ ಮಟ್ಟದ ಉತ್ತಮ ಶಿಕ್ಷಕ–ಶಿಕ್ಷಕಿ ಪ್ರಶಸ್ತಿಗೆ 20 ಮಂದಿಯನ್ನು ಆಯ್ಕೆ ಮಾಡಲಾಗಿದೆ. ಪ್ರಾಥಮಿಕ ಹಾಗೂ ಪ್ರೌಢಶಾಲಾ ವಿಭಾಗಗಳಿಂದ ತಲಾ 10 ಮಂದಿ ಶಿಕ್ಷಕರನ್ನು ಆಯ್ಕೆ ಮಾಡಲಾಗಿದ್ದು, ಶೀಘ್ರದಲ್ಲೇ ಪ್ರಶಸ್ತಿ ಪ್ರದಾನ ಸಮಾರಂಭ ನಡೆಯಲಿದೆ ಎಂದು ಸಾರ್ವಜನಿಕ ಶಿಕ್ಷಣ ಇಲಾಖೆ ಉಪನಿರ್ದೇಶಕರು ತಿಳಿಸಿದ್ದಾರೆ. ಪ್ರಶಸ್ತಿ ಪುರಸ್ಕೃತರ ಪಟ್ಟಿಯನ್ನು ಇಲಾಖೆಯ ವೆಬ್‌ಸೈಟ್‌ನಲ್ಲಿ ಪ್ರಕಟಿಸಲಾಗಿದೆ. ಆಯ್ಕೆ ಸಮಿತಿಯು ಶಿಕ್ಷಕರ ಸೇವಾ ಅವಧಿ, ಬೋಧನಾ ಗುಣಮಟ್ಟ ಹಾಗೂ ಸಮುದಾಯ ಸಹಭಾಗಿತ್ವ ಆಧರಿಸಿ ಆಯ್ಕೆ ಮಾಡಿದೆ. ಜಿಲ್ಲಾ ಮಟ್ಟದ ಉತ್ತಮ ಶಿಕ್ಷಕ–ಶಿಕ್ಷಕಿ ಪ್ರಶಸ್ತಿ ಪುರಸ್ಕೃತರಿಗೆ ಅಭಿನಂದನೆ ಸಲ್ಲಿಸಲಾಗಿದೆ.
